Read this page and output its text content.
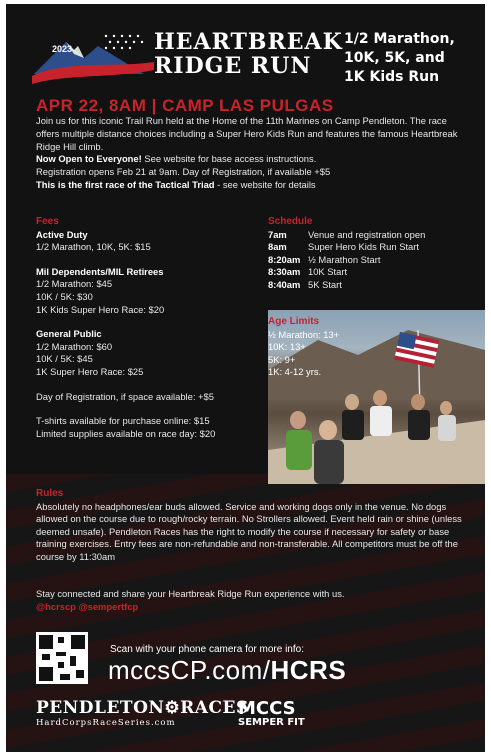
2023	HEARTBREAK
RIDGE RUN
1/2 Marathon,
10K, 5K, and
1K Kids Run
APR 22, 8AM | CAMP LAS PULGAS

Join us for this iconic Trail Run held at the Home of the 11th Marines on Camp Pendleton. The race offers multiple distance choices including a Super Hero Kids Run and features the famous Heartbreak Ridge Hill climb.

Now Open to Everyone! See website for base access instructions.

Registration opens Feb 21 at 9am. Day of Registration, if available +$5

This is the first race of the Tactical Triad - see website for details

Fees

Active Duty

1/2 Marathon, 10K, 5K: $15

Mil Dependents/MIL Retirees

1/2 Marathon: $45

10K / 5K: $30

1K Kids Super Hero Race: $20

General Public

1/2 Marathon: $60

10K / 5K: $45

1K Super Hero Race: $25

Day of Registration, if space available: +$5

T-shirts available for purchase online: $15

Limited supplies available on race day: $20

Schedule
7am	Venue and registration open
8am	Super Hero Kids Run Start
8:20am ½ Marathon Start
8:30am 10K Start
8:40am 5K Start
Age Limits

½ Marathon: 13+

10K: 13+

5K: 9+

1K: 4-12 yrs.

Rules

Absolutely no headphones/ear buds allowed. Service and working dogs only in the venue. No dogs allowed on the course due to rough/rocky terrain. No Strollers allowed. Event held rain or shine (unless deemed unsafe). Pendleton Races has the right to modify the course if necessary for safety or base training exercises. Entry fees are non-refundable and non-transferable. All competitors must be off the course by 11:30am

Stay connected and share your Heartbreak Ridge Run experience with us.
@hcrscp @sempertfcp
Scan with your phone camera for more info:
mccsCP.com/HCRS
PENDLETON⚙RACES
HardCorpsRaceSeries.com
MCCS
SEMPER FIT
